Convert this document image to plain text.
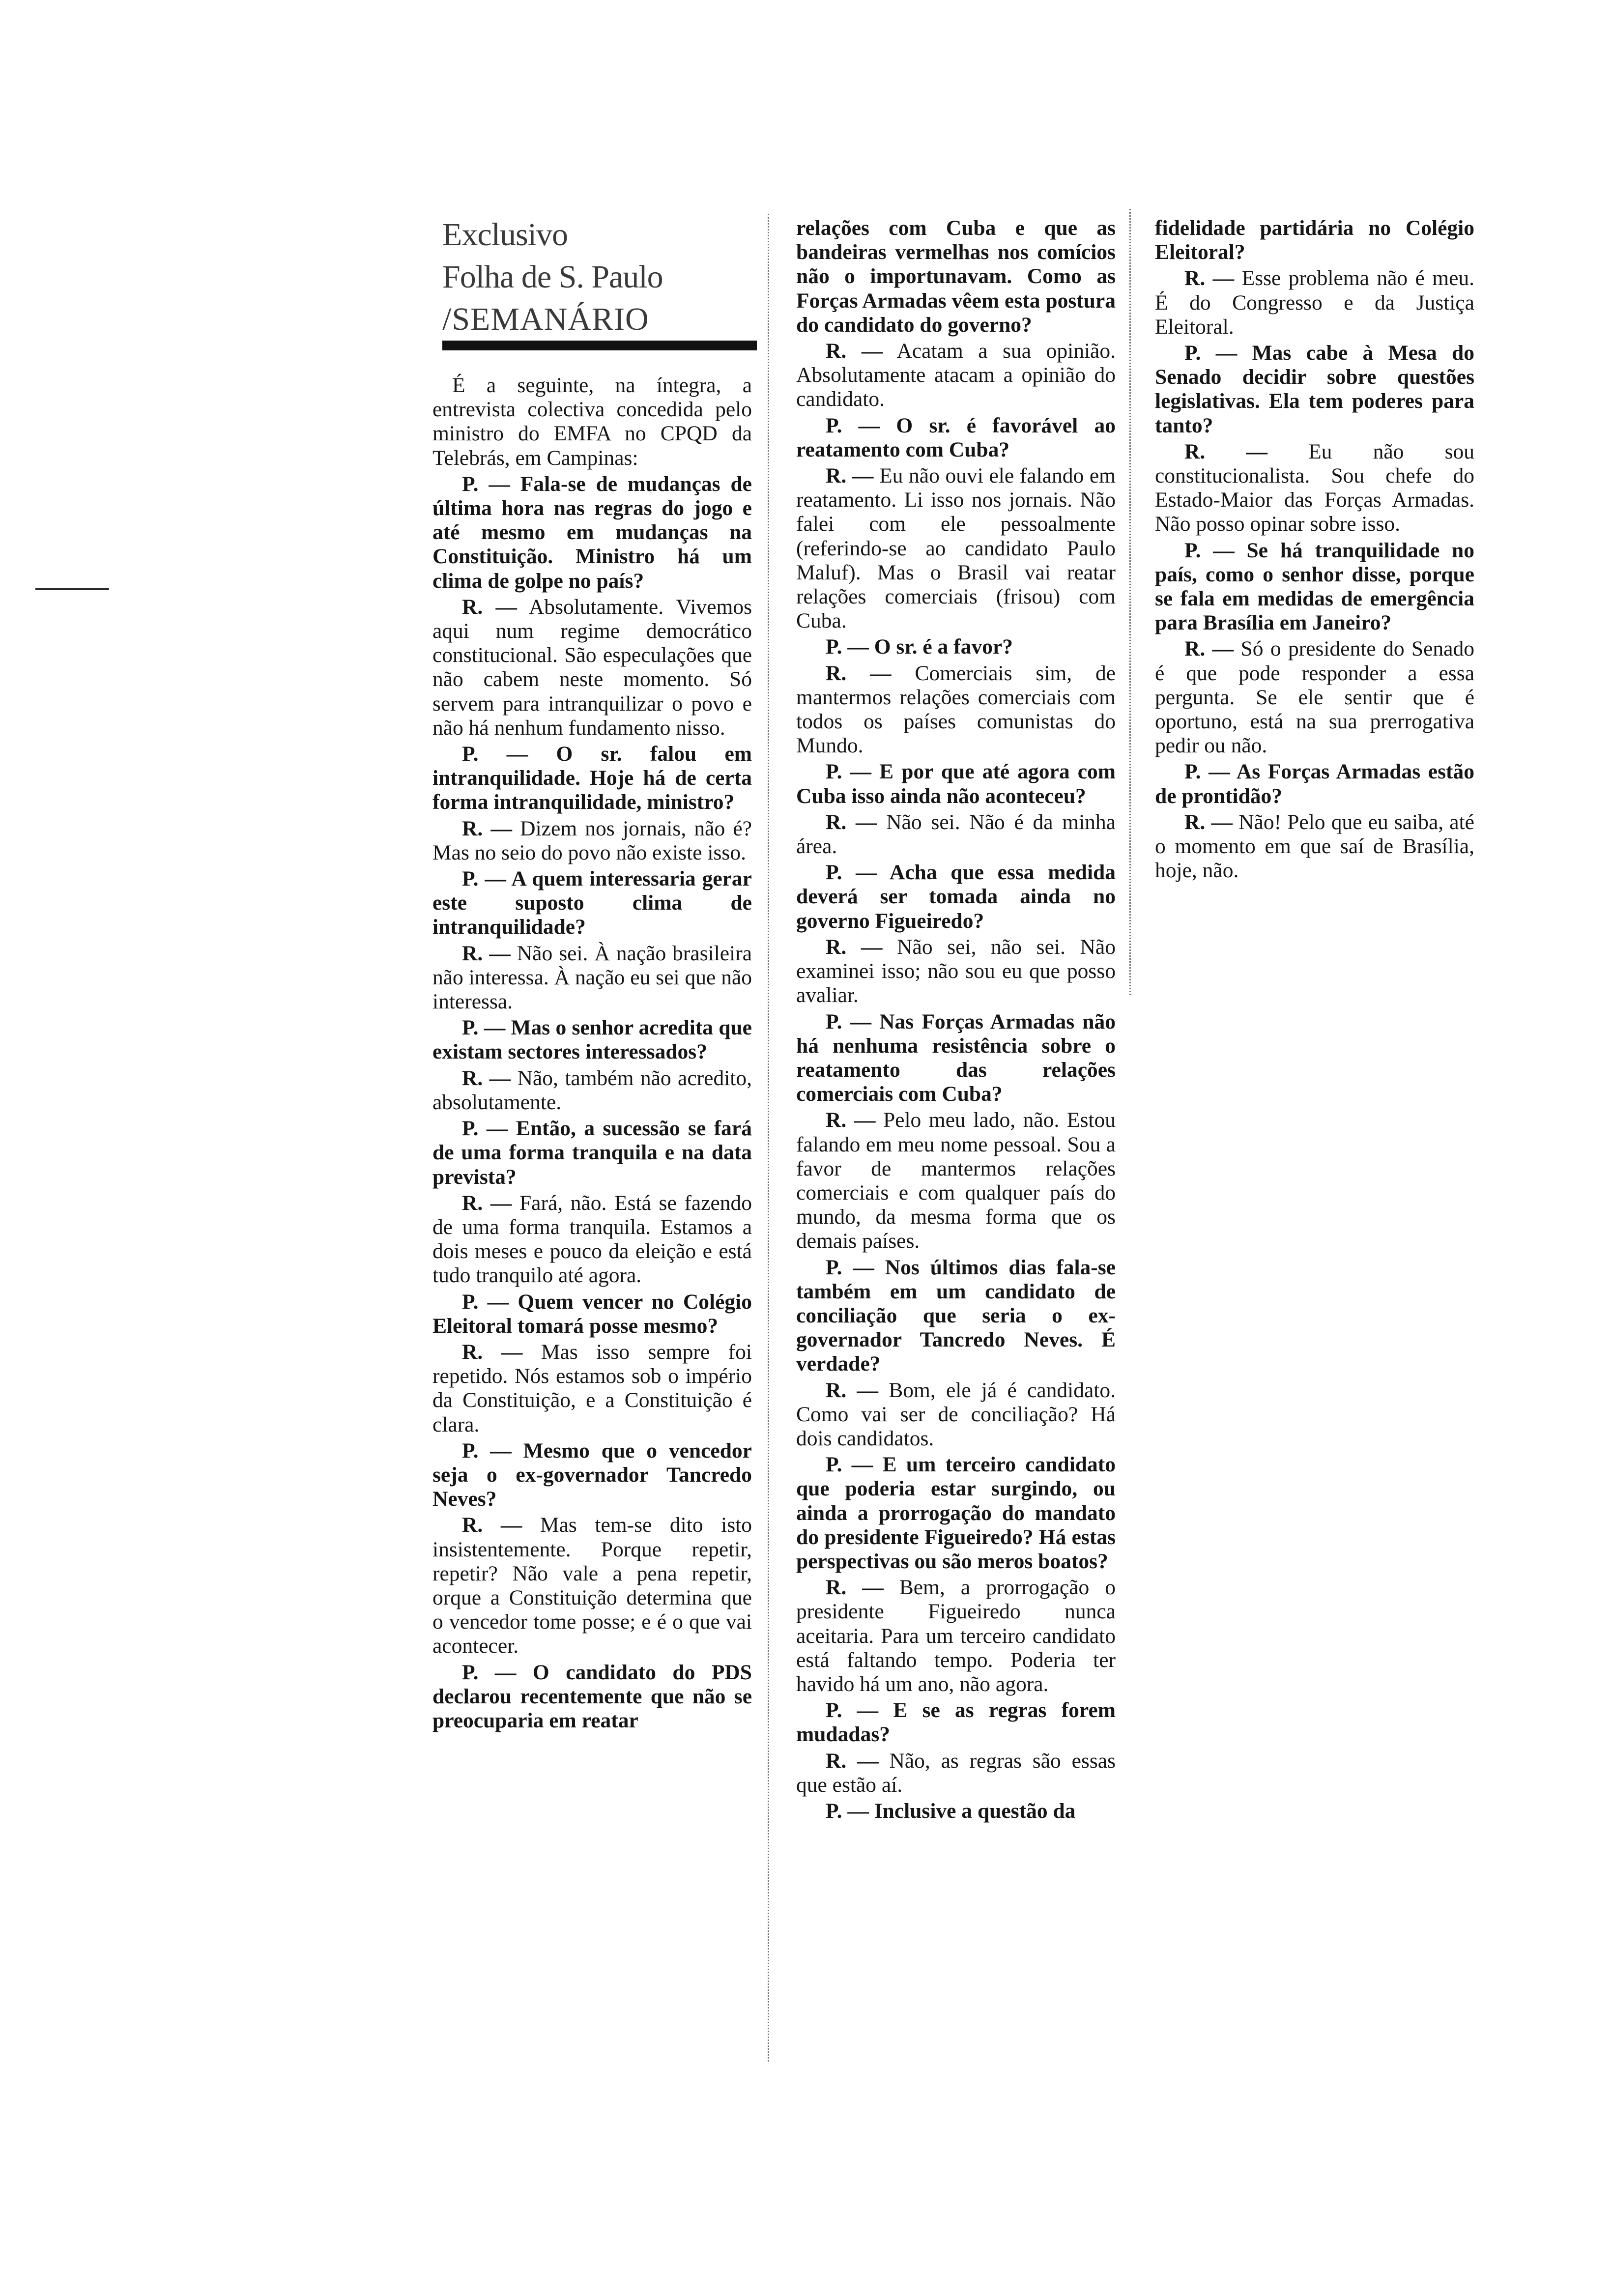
Exclusivo
Folha de S. Paulo
/SEMANÁRIO

É a seguinte, na íntegra, a entrevista colectiva concedida pelo ministro do EMFA no CPQD da Telebrás, em Campinas:

P. — Fala-se de mudanças de última hora nas regras do jogo e até mesmo em mudanças na Constituição. Ministro há um clima de golpe no país?

R. — Absolutamente. Vivemos aqui num regime democrático constitucional. São especulações que não cabem neste momento. Só servem para intranquilizar o povo e não há nenhum fundamento nisso.

P. — O sr. falou em intranquilidade. Hoje há de certa forma intranquilidade, ministro?

R. — Dizem nos jornais, não é? Mas no seio do povo não existe isso.

P. — A quem interessaria gerar este suposto clima de intranquilidade?

R. — Não sei. À nação brasileira não interessa. À nação eu sei que não interessa.

P. — Mas o senhor acredita que existam sectores interessados?

R. — Não, também não acredito, absolutamente.

P. — Então, a sucessão se fará de uma forma tranquila e na data prevista?

R. — Fará, não. Está se fazendo de uma forma tranquila. Estamos a dois meses e pouco da eleição e está tudo tranquilo até agora.

P. — Quem vencer no Colégio Eleitoral tomará posse mesmo?

R. — Mas isso sempre foi repetido. Nós estamos sob o império da Constituição, e a Constituição é clara.

P. — Mesmo que o vencedor seja o ex-governador Tancredo Neves?

R. — Mas tem-se dito isto insistentemente. Porque repetir, repetir? Não vale a pena repetir, orque a Constituição determina que o vencedor tome posse; e é o que vai acontecer.

P. — O candidato do PDS declarou recentemente que não se preocuparia em reatar

relações com Cuba e que as bandeiras vermelhas nos comícios não o importunavam. Como as Forças Armadas vêem esta postura do candidato do governo?

R. — Acatam a sua opinião. Absolutamente atacam a opinião do candidato.

P. — O sr. é favorável ao reatamento com Cuba?

R. — Eu não ouvi ele falando em reatamento. Li isso nos jornais. Não falei com ele pessoalmente (referindo-se ao candidato Paulo Maluf). Mas o Brasil vai reatar relações comerciais (frisou) com Cuba.

P. — O sr. é a favor?

R. — Comerciais sim, de mantermos relações comerciais com todos os países comunistas do Mundo.

P. — E por que até agora com Cuba isso ainda não aconteceu?

R. — Não sei. Não é da minha área.

P. — Acha que essa medida deverá ser tomada ainda no governo Figueiredo?

R. — Não sei, não sei. Não examinei isso; não sou eu que posso avaliar.

P. — Nas Forças Armadas não há nenhuma resistência sobre o reatamento das relações comerciais com Cuba?

R. — Pelo meu lado, não. Estou falando em meu nome pessoal. Sou a favor de mantermos relações comerciais e com qualquer país do mundo, da mesma forma que os demais países.

P. — Nos últimos dias fala-se também em um candidato de conciliação que seria o ex-governador Tancredo Neves. É verdade?

R. — Bom, ele já é candidato. Como vai ser de conciliação? Há dois candidatos.

P. — E um terceiro candidato que poderia estar surgindo, ou ainda a prorrogação do mandato do presidente Figueiredo? Há estas perspectivas ou são meros boatos?

R. — Bem, a prorrogação o presidente Figueiredo nunca aceitaria. Para um terceiro candidato está faltando tempo. Poderia ter havido há um ano, não agora.

P. — E se as regras forem mudadas?

R. — Não, as regras são essas que estão aí.

P. — Inclusive a questão da

fidelidade partidária no Colégio Eleitoral?

R. — Esse problema não é meu. É do Congresso e da Justiça Eleitoral.

P. — Mas cabe à Mesa do Senado decidir sobre questões legislativas. Ela tem poderes para tanto?

R. — Eu não sou constitucionalista. Sou chefe do Estado-Maior das Forças Armadas. Não posso opinar sobre isso.

P. — Se há tranquilidade no país, como o senhor disse, porque se fala em medidas de emergência para Brasília em Janeiro?

R. — Só o presidente do Senado é que pode responder a essa pergunta. Se ele sentir que é oportuno, está na sua prerrogativa pedir ou não.

P. — As Forças Armadas estão de prontidão?

R. — Não! Pelo que eu saiba, até o momento em que saí de Brasília, hoje, não.
